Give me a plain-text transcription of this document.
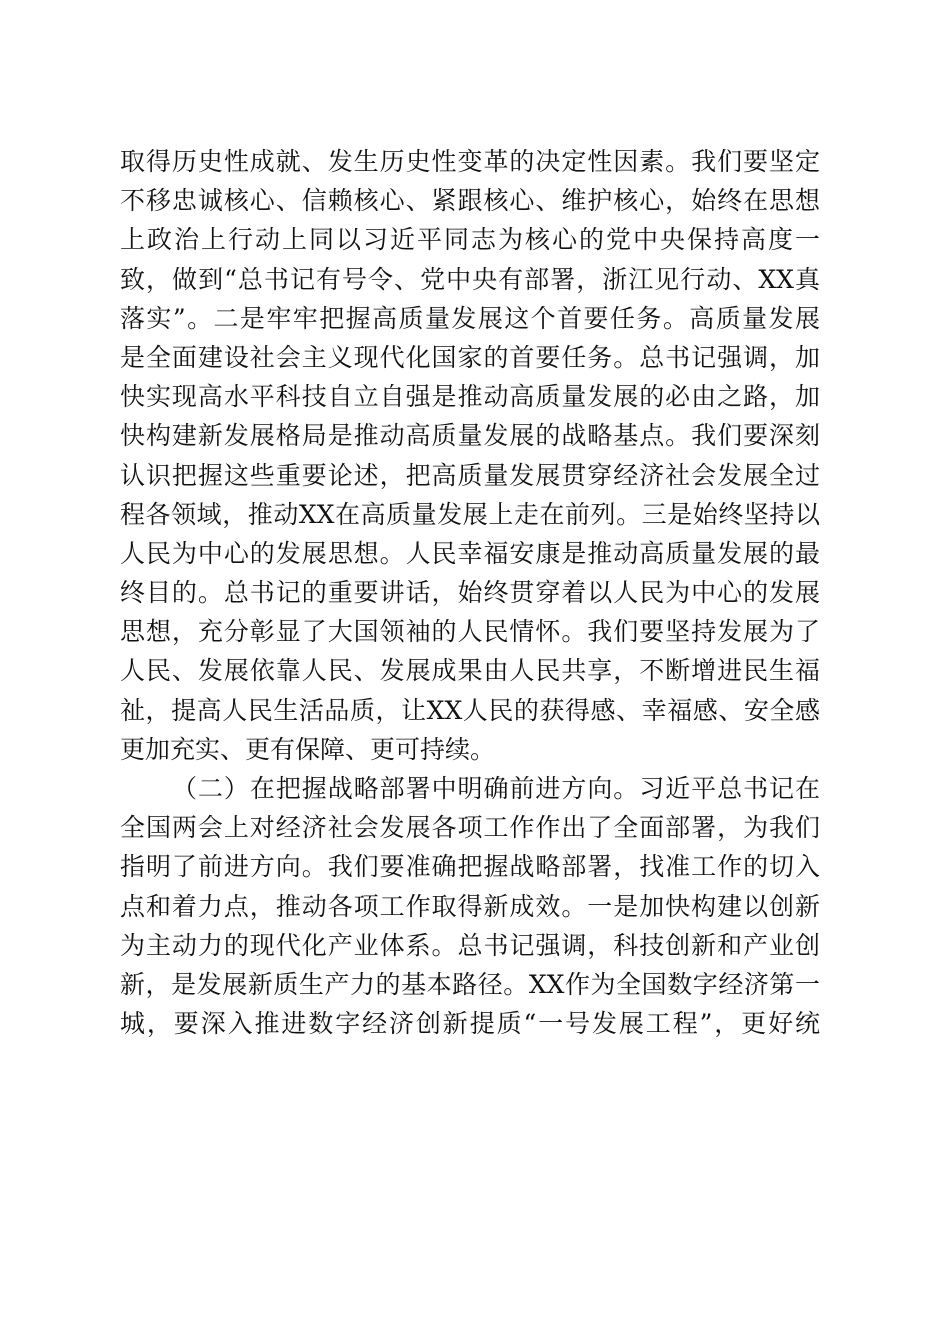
取得历史性成就、发生历史性变革的决定性因素。我们要坚定
不移忠诚核心、信赖核心、紧跟核心、维护核心，始终在思想
上政治上行动上同以习近平同志为核心的党中央保持高度一
致，做到“总书记有号令、党中央有部署，浙江见行动、XX真
落实”。二是牢牢把握高质量发展这个首要任务。高质量发展
是全面建设社会主义现代化国家的首要任务。总书记强调，加
快实现高水平科技自立自强是推动高质量发展的必由之路，加
快构建新发展格局是推动高质量发展的战略基点。我们要深刻
认识把握这些重要论述，把高质量发展贯穿经济社会发展全过
程各领域，推动XX在高质量发展上走在前列。三是始终坚持以
人民为中心的发展思想。人民幸福安康是推动高质量发展的最
终目的。总书记的重要讲话，始终贯穿着以人民为中心的发展
思想，充分彰显了大国领袖的人民情怀。我们要坚持发展为了
人民、发展依靠人民、发展成果由人民共享，不断增进民生福
祉，提高人民生活品质，让XX人民的获得感、幸福感、安全感
更加充实、更有保障、更可持续。
（二）在把握战略部署中明确前进方向。习近平总书记在
全国两会上对经济社会发展各项工作作出了全面部署，为我们
指明了前进方向。我们要准确把握战略部署，找准工作的切入
点和着力点，推动各项工作取得新成效。一是加快构建以创新
为主动力的现代化产业体系。总书记强调，科技创新和产业创
新，是发展新质生产力的基本路径。XX作为全国数字经济第一
城，要深入推进数字经济创新提质“一号发展工程”，更好统
